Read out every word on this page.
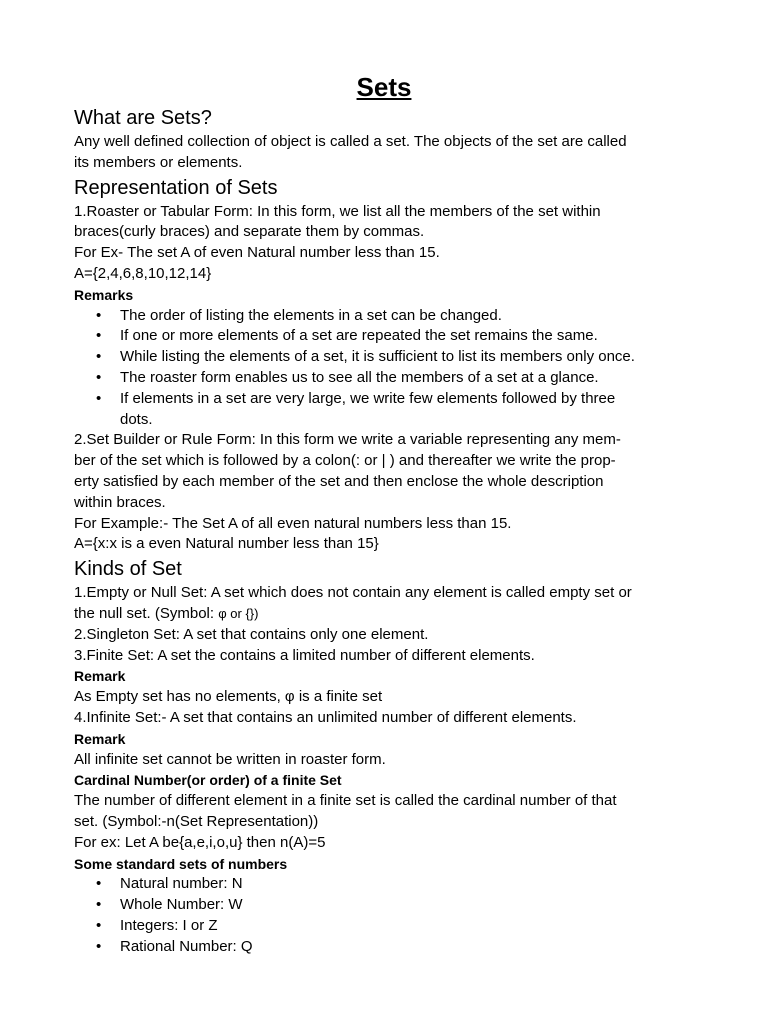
Sets
What are Sets?
Any well defined collection of object is called a set. The objects of the set are called
its members or elements.
Representation of Sets
1.Roaster or Tabular Form: In this form, we list all the members of the set within
braces(curly braces) and separate them by commas.
For Ex- The set A of even Natural number less than 15.
A={2,4,6,8,10,12,14}
Remarks
• The order of listing the elements in a set can be changed.
• If one or more elements of a set are repeated the set remains the same.
• While listing the elements of a set, it is sufficient to list its members only once.
• The roaster form enables us to see all the members of a set at a glance.
• If elements in a set are very large, we write few elements followed by three
dots.
2.Set Builder or Rule Form: In this form we write a variable representing any mem-
ber of the set which is followed by a colon(: or | ) and thereafter we write the prop-
erty satisfied by each member of the set and then enclose the whole description
within braces.
For Example:- The Set A of all even natural numbers less than 15.
A={x:x is a even Natural number less than 15}
Kinds of Set
1.Empty or Null Set: A set which does not contain any element is called empty set or
the null set. (Symbol: φ or {})
2.Singleton Set: A set that contains only one element.
3.Finite Set: A set the contains a limited number of different elements.
Remark
As Empty set has no elements, φ is a finite set
4.Infinite Set:- A set that contains an unlimited number of different elements.
Remark
All infinite set cannot be written in roaster form.
Cardinal Number(or order) of a finite Set
The number of different element in a finite set is called the cardinal number of that
set. (Symbol:-n(Set Representation))
For ex: Let A be{a,e,i,o,u} then n(A)=5
Some standard sets of numbers
• Natural number: N
• Whole Number: W
• Integers: I or Z
• Rational Number: Q
